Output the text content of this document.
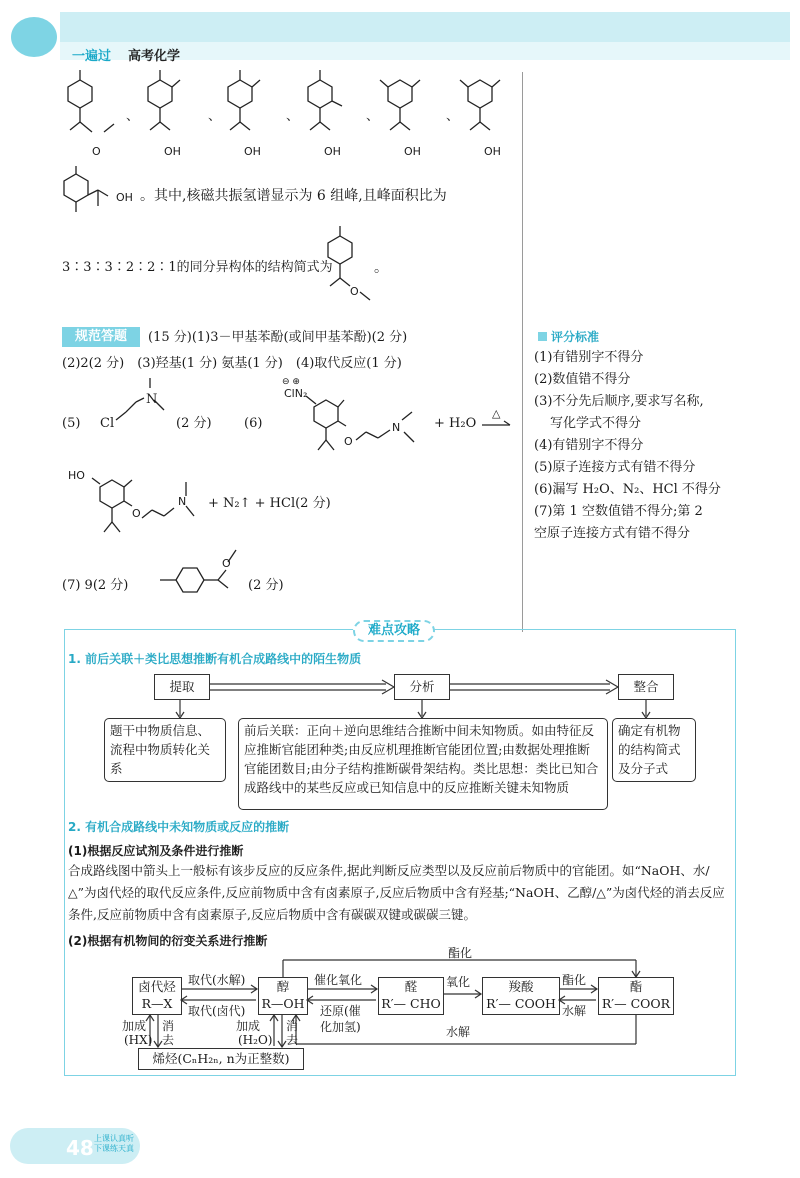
一遍过 高考化学
、	、	、	、	、
O	OH	OH	OH	OH	OH
OH 。其中,核磁共振氢谱显示为 6 组峰,且峰面积比为
3∶3∶3∶2∶2∶1的同分异构体的结构简式为
O
。
规范答题	(15 分)(1)3－甲基苯酚(或间甲基苯酚)(2 分)
(2)2(2 分)　(3)羟基(1 分) 氨基(1 分)　(4)取代反应(1 分)
(5) Cl
N
(2 分) (6)
⊖ ⊕
ClN₂
O
N	+ H₂O
△
HO
O
N + N₂↑ + HCl(2 分)
(7) 9(2 分)
O
(2 分)
评分标准
(1)有错别字不得分
(2)数值错不得分
(3)不分先后顺序,要求写名称,
写化学式不得分
(4)有错别字不得分
(5)原子连接方式有错不得分
(6)漏写 H₂O、N₂、HCl 不得分
(7)第 1 空数值错不得分;第 2
空原子连接方式有错不得分
难点攻略
1. 前后关联＋类比思想推断有机合成路线中的陌生物质
提取	分析	整合
题干中物质信息、流程中物质转化关系
前后关联：正向＋逆向思维结合推断中间未知物质。如由特征反应推断官能团种类;由反应机理推断官能团位置;由数据处理推断官能团数目;由分子结构推断碳骨架结构。类比思想：类比已知合成路线中的某些反应或已知信息中的反应推断关键未知物质
确定有机物的结构简式及分子式
2. 有机合成路线中未知物质或反应的推断
(1)根据反应试剂及条件进行推断
合成路线图中箭头上一般标有该步反应的反应条件,据此判断反应类型以及反应前后物质中的官能团。如“NaOH、水/△”为卤代烃的取代反应条件,反应前物质中含有卤素原子,反应后物质中含有羟基;“NaOH、乙醇/△”为卤代烃的消去反应条件,反应前物质中含有卤素原子,反应后物质中含有碳碳双键或碳碳三键。
(2)根据有机物间的衍变关系进行推断
卤代烃
R—X
醇
R—OH
醛
R′— CHO
羧酸
R′— COOH
酯
R′— COOR
烯烃(CₙH₂ₙ, n为正整数)
酯化
取代(水解)
取代(卤代)
催化氧化
还原(催
化加氢)
氧化	酯化
水解
水解
加成
(HX)
消
去
加成
(H₂O)
消
去
48 上课认真听
下课练天真
